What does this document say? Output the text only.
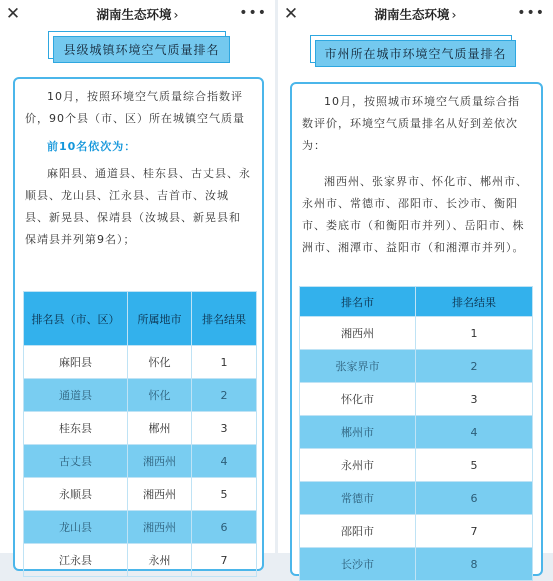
✕	湖南生态环境 ›	•••
县级城镇环境空气质量排名

10月，按照环境空气质量综合指数评价，90个县（市、区）所在城镇空气质量

前10名依次为：

麻阳县、通道县、桂东县、古丈县、永顺县、龙山县、江永县、吉首市、汝城县、新晃县、保靖县（汝城县、新晃县和保靖县并列第9名）；

排名县（市、区）	所属地市	排名结果
麻阳县	怀化	1
通道县	怀化	2
桂东县	郴州	3
古丈县	湘西州	4
永顺县	湘西州	5
龙山县	湘西州	6
江永县	永州	7
✕	湖南生态环境 ›	•••
市州所在城市环境空气质量排名

10月，按照城市环境空气质量综合指数评价，环境空气质量排名从好到差依次为：

湘西州、张家界市、怀化市、郴州市、永州市、常德市、邵阳市、长沙市、衡阳市、娄底市（和衡阳市并列）、岳阳市、株洲市、湘潭市、益阳市（和湘潭市并列）。

排名市	排名结果
湘西州	1
张家界市	2
怀化市	3
郴州市	4
永州市	5
常德市	6
邵阳市	7
长沙市	8
